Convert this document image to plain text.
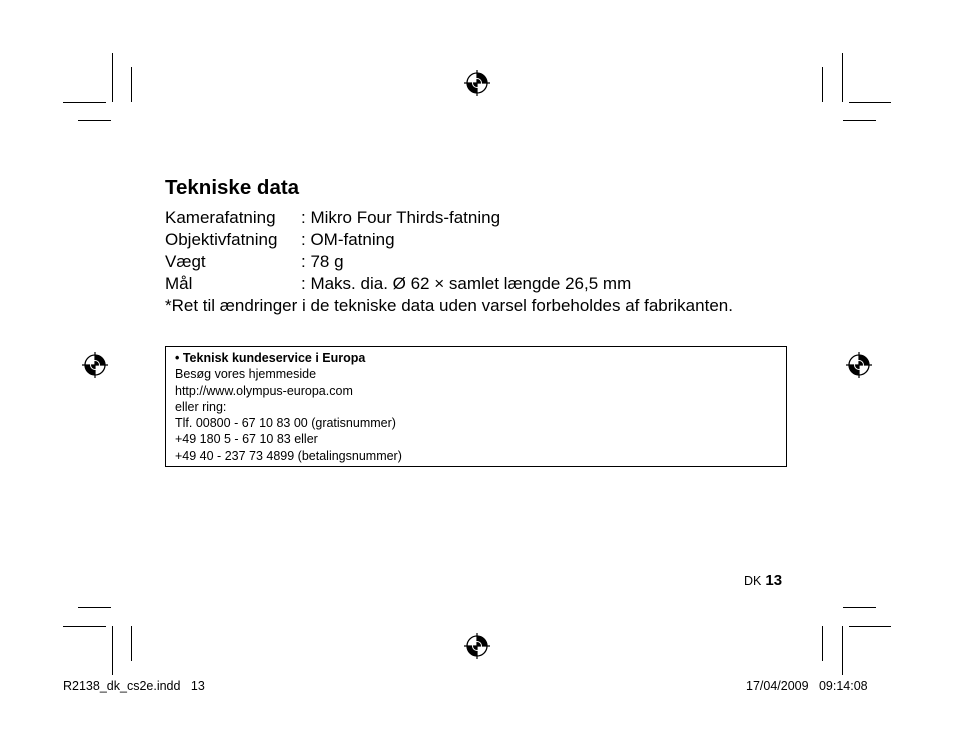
Tekniske data
Kamerafatning : Mikro Four Thirds-fatning
Objektivfatning : OM-fatning
Vægt	: 78 g
Mål	: Maks. dia. Ø 62 × samlet længde 26,5 mm
*Ret til ændringer i de tekniske data uden varsel forbeholdes af fabrikanten.
• Teknisk kundeservice i Europa
Besøg vores hjemmeside
http://www.olympus-europa.com
eller ring:
Tlf. 00800 - 67 10 83 00 (gratisnummer)
+49 180 5 - 67 10 83 eller
+49 40 - 237 73 4899 (betalingsnummer)
DK 13
R2138_dk_cs2e.indd   13	17/04/2009   09:14:08
